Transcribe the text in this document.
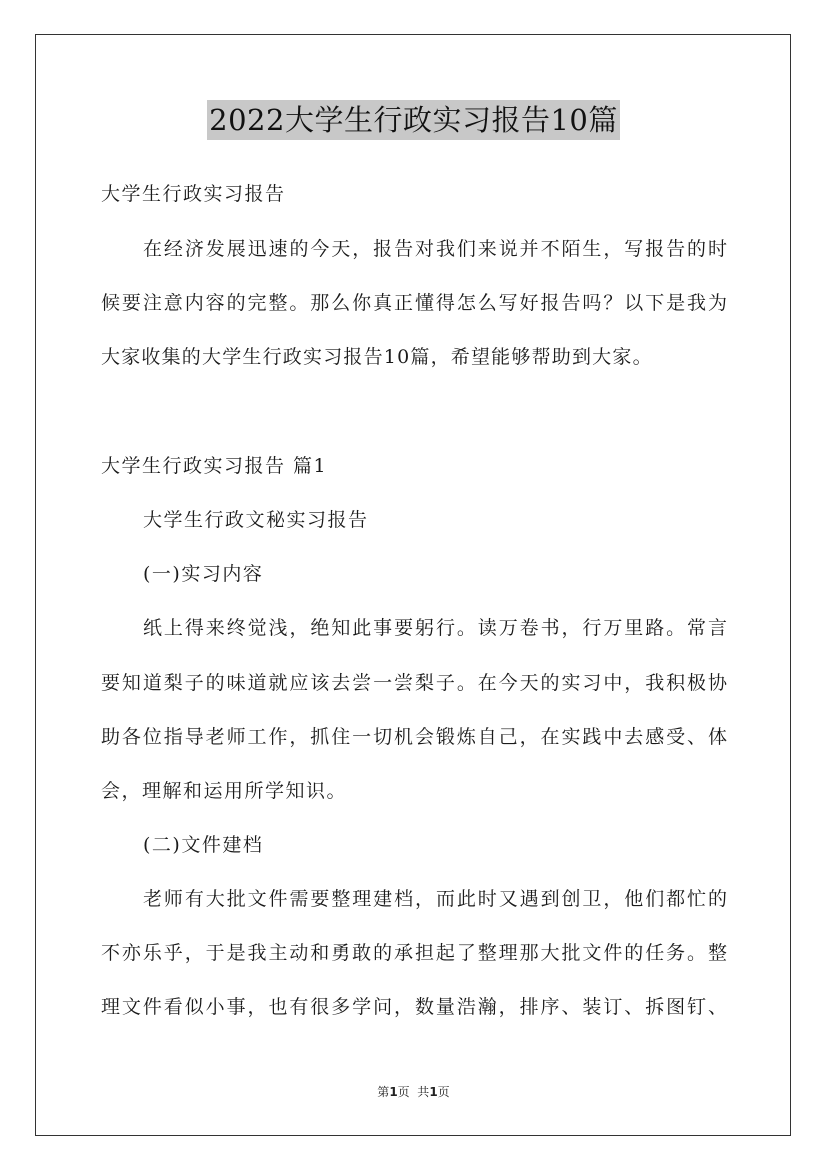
2022大学生行政实习报告10篇
大学生行政实习报告
在经济发展迅速的今天，报告对我们来说并不陌生，写报告的时
候要注意内容的完整。那么你真正懂得怎么写好报告吗？以下是我为
大家收集的大学生行政实习报告10篇，希望能够帮助到大家。
大学生行政实习报告 篇1
大学生行政文秘实习报告
(一)实习内容
纸上得来终觉浅，绝知此事要躬行。读万卷书，行万里路。常言
要知道梨子的味道就应该去尝一尝梨子。在今天的实习中，我积极协
助各位指导老师工作，抓住一切机会锻炼自己，在实践中去感受、体
会，理解和运用所学知识。
(二)文件建档
老师有大批文件需要整理建档，而此时又遇到创卫，他们都忙的
不亦乐乎，于是我主动和勇敢的承担起了整理那大批文件的任务。整
理文件看似小事，也有很多学问，数量浩瀚，排序、装订、拆图钉、
第1页  共1页
